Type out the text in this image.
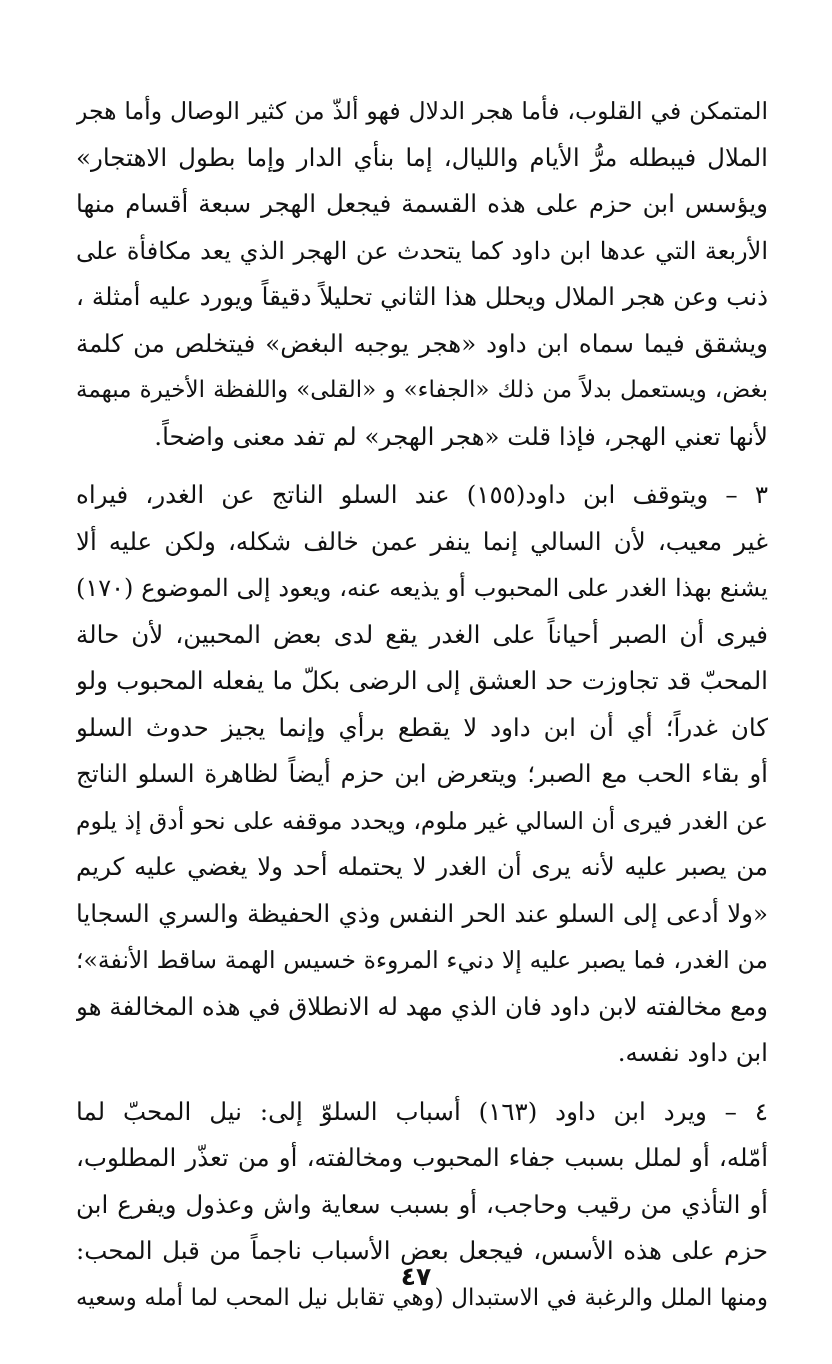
المتمكن في القلوب، فأما هجر الدلال فهو ألذّ من كثير الوصال وأما هجر
الملال فيبطله مرُّ الأيام والليال، إما بنأي الدار وإما بطول الاهتجار»
ويؤسس ابن حزم على هذه القسمة فيجعل الهجر سبعة أقسام منها
الأربعة التي عدها ابن داود كما يتحدث عن الهجر الذي يعد مكافأة على
ذنب وعن هجر الملال ويحلل هذا الثاني تحليلاً دقيقاً ويورد عليه أمثلة ،
ويشقق فيما سماه ابن داود «هجر يوجبه البغض» فيتخلص من كلمة
بغض، ويستعمل بدلاً من ذلك «الجفاء» و «القلى» واللفظة الأخيرة مبهمة
لأنها تعني الهجر، فإذا قلت «هجر الهجر» لم تفد معنى واضحاً.
٣ – ويتوقف ابن داود(١٥٥) عند السلو الناتج عن الغدر، فيراه
غير معيب، لأن السالي إنما ينفر عمن خالف شكله، ولكن عليه ألا
يشنع بهذا الغدر على المحبوب أو يذيعه عنه، ويعود إلى الموضوع (١٧٠)
فيرى أن الصبر أحياناً على الغدر يقع لدى بعض المحبين، لأن حالة
المحبّ قد تجاوزت حد العشق إلى الرضى بكلّ ما يفعله المحبوب ولو
كان غدراً؛ أي أن ابن داود لا يقطع برأي وإنما يجيز حدوث السلو
أو بقاء الحب مع الصبر؛ ويتعرض ابن حزم أيضاً لظاهرة السلو الناتج
عن الغدر فيرى أن السالي غير ملوم، ويحدد موقفه على نحو أدق إذ يلوم
من يصبر عليه لأنه يرى أن الغدر لا يحتمله أحد ولا يغضي عليه كريم
«ولا أدعى إلى السلو عند الحر النفس وذي الحفيظة والسري السجايا
من الغدر، فما يصبر عليه إلا دنيء المروءة خسيس الهمة ساقط الأنفة»؛
ومع مخالفته لابن داود فان الذي مهد له الانطلاق في هذه المخالفة هو
ابن داود نفسه.
٤ – ويرد ابن داود (١٦٣) أسباب السلوّ إلى: نيل المحبّ لما
أمّله، أو لملل بسبب جفاء المحبوب ومخالفته، أو من تعذّر المطلوب،
أو التأذي من رقيب وحاجب، أو بسبب سعاية واش وعذول ويفرع ابن
حزم على هذه الأسس، فيجعل بعض الأسباب ناجماً من قبل المحب:
ومنها الملل والرغبة في الاستبدال (وهي تقابل نيل المحب لما أمله وسعيه
٤٧
